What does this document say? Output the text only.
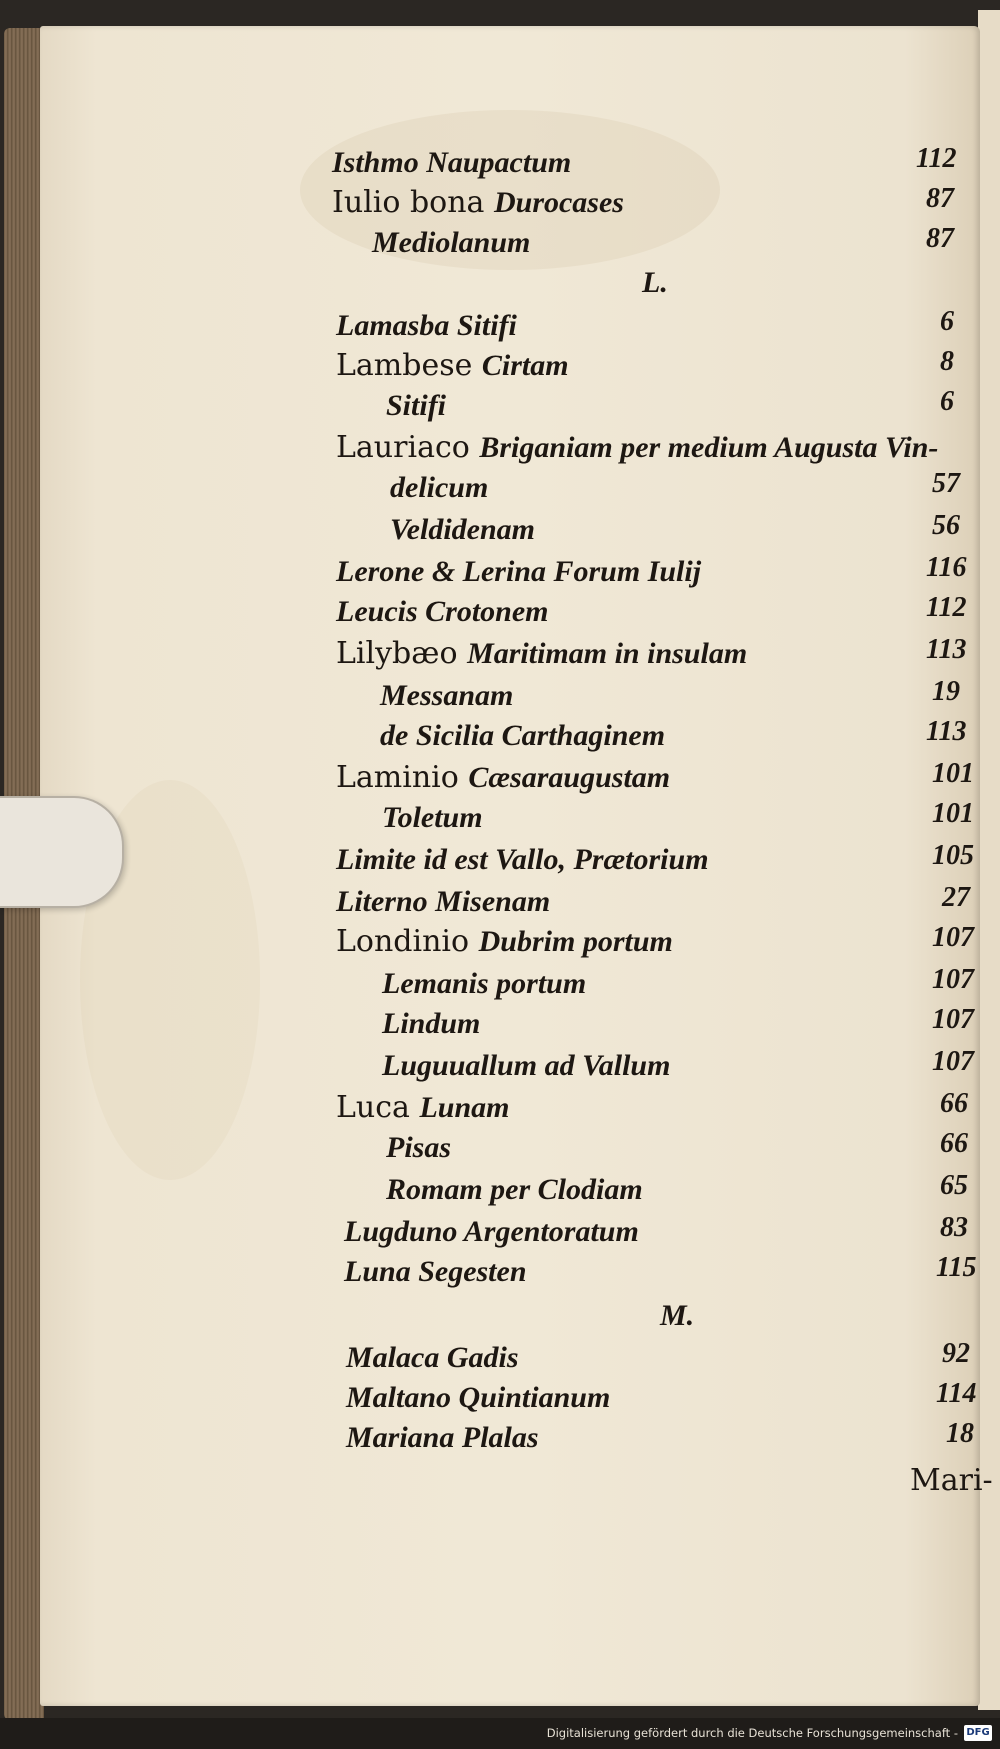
Isthmo Naupactum	112
Iulio bona Durocases	87
Mediolanum	87
L.
Lamasba Sitifi	6
Lambese Cirtam	8
Sitifi	6
Lauriaco Briganiam per medium Augusta Vin-
delicum	57
Veldidenam	56
Lerone & Lerina Forum Iulij	116
Leucis Crotonem	112
Lilybæo Maritimam in insulam	113
Messanam	19
de Sicilia Carthaginem	113
Laminio Cæsaraugustam	101
Toletum	101
Limite id est Vallo, Prætorium	105
Literno Misenam	27
Londinio Dubrim portum	107
Lemanis portum	107
Lindum	107
Luguuallum ad Vallum	107
Luca Lunam	66
Pisas	66
Romam per Clodiam	65
Lugduno Argentoratum	83
Luna Segesten	115
M.
Malaca Gadis	92
Maltano Quintianum	114
Mariana Plalas	18
Mari-
Digitalisierung gefördert durch die Deutsche Forschungsgemeinschaft - DFG
